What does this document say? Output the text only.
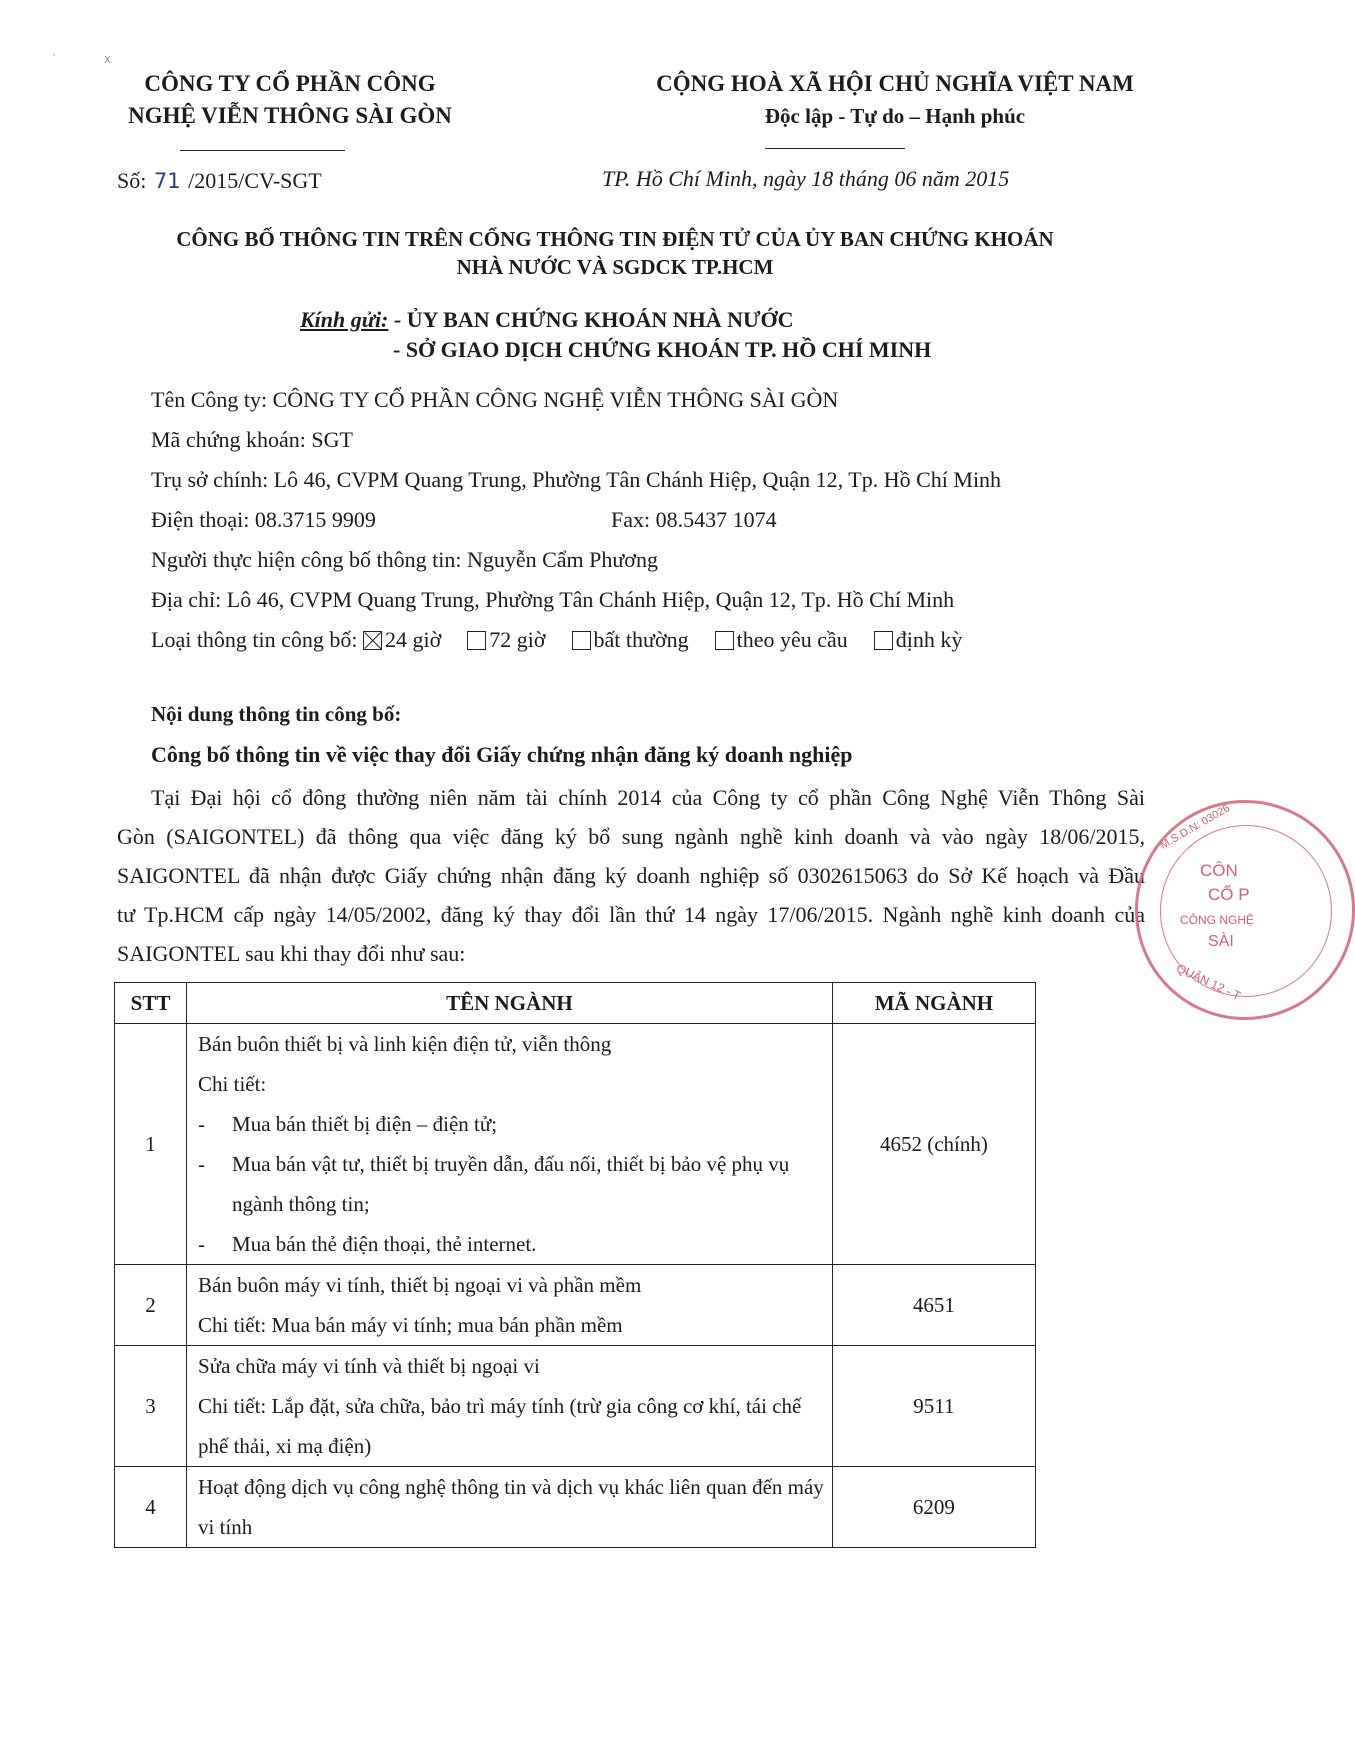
·	x
CÔNG TY CỔ PHẦN CÔNG
NGHỆ VIỄN THÔNG SÀI GÒN
CỘNG HOÀ XÃ HỘI CHỦ NGHĨA VIỆT NAM
Độc lập - Tự do – Hạnh phúc
Số: 71 /2015/CV-SGT	TP. Hồ Chí Minh, ngày 18 tháng 06 năm 2015
CÔNG BỐ THÔNG TIN TRÊN CỔNG THÔNG TIN ĐIỆN TỬ CỦA ỦY BAN CHỨNG KHOÁN
NHÀ NƯỚC VÀ SGDCK TP.HCM
Kính gửi: - ỦY BAN CHỨNG KHOÁN NHÀ NƯỚC
- SỞ GIAO DỊCH CHỨNG KHOÁN TP. HỒ CHÍ MINH
Tên Công ty: CÔNG TY CỔ PHẦN CÔNG NGHỆ VIỄN THÔNG SÀI GÒN
Mã chứng khoán: SGT
Trụ sở chính: Lô 46, CVPM Quang Trung, Phường Tân Chánh Hiệp, Quận 12, Tp. Hồ Chí Minh
Điện thoại: 08.3715 9909	Fax: 08.5437 1074
Người thực hiện công bố thông tin: Nguyễn Cẩm Phương
Địa chỉ: Lô 46, CVPM Quang Trung, Phường Tân Chánh Hiệp, Quận 12, Tp. Hồ Chí Minh
Loại thông tin công bố: 24 giờ 72 giờ bất thường theo yêu cầu định kỳ
Nội dung thông tin công bố:
Công bố thông tin về việc thay đổi Giấy chứng nhận đăng ký doanh nghiệp
Tại Đại hội cổ đông thường niên năm tài chính 2014 của Công ty cổ phần Công Nghệ Viễn Thông Sài
Gòn (SAIGONTEL) đã thông qua việc đăng ký bổ sung ngành nghề kinh doanh và vào ngày 18/06/2015,
SAIGONTEL đã nhận được Giấy chứng nhận đăng ký doanh nghiệp số 0302615063 do Sở Kế hoạch và Đầu
tư Tp.HCM cấp ngày 14/05/2002, đăng ký thay đổi lần thứ 14 ngày 17/06/2015. Ngành nghề kinh doanh của
SAIGONTEL sau khi thay đổi như sau:
STT	TÊN NGÀNH	MÃ NGÀNH
1	Bán buôn thiết bị và linh kiện điện tử, viễn thông
Chi tiết:
- Mua bán thiết bị điện – điện tử;
- Mua bán vật tư, thiết bị truyền dẫn, đấu nối, thiết bị bảo vệ phụ vụ ngành thông tin;
- Mua bán thẻ điện thoại, thẻ internet.	4652 (chính)
2	Bán buôn máy vi tính, thiết bị ngoại vi và phần mềm
Chi tiết: Mua bán máy vi tính; mua bán phần mềm	4651
3	Sửa chữa máy vi tính và thiết bị ngoại vi
Chi tiết: Lắp đặt, sửa chữa, bảo trì máy tính (trừ gia công cơ khí, tái chế phế thải, xi mạ điện)	9511
4	Hoạt động dịch vụ công nghệ thông tin và dịch vụ khác liên quan đến máy vi tính	6209
M.S.D.N: 03026
CÔN
CỔ P
CÔNG NGHỆ
SÀI
QUẬN 12 - T
